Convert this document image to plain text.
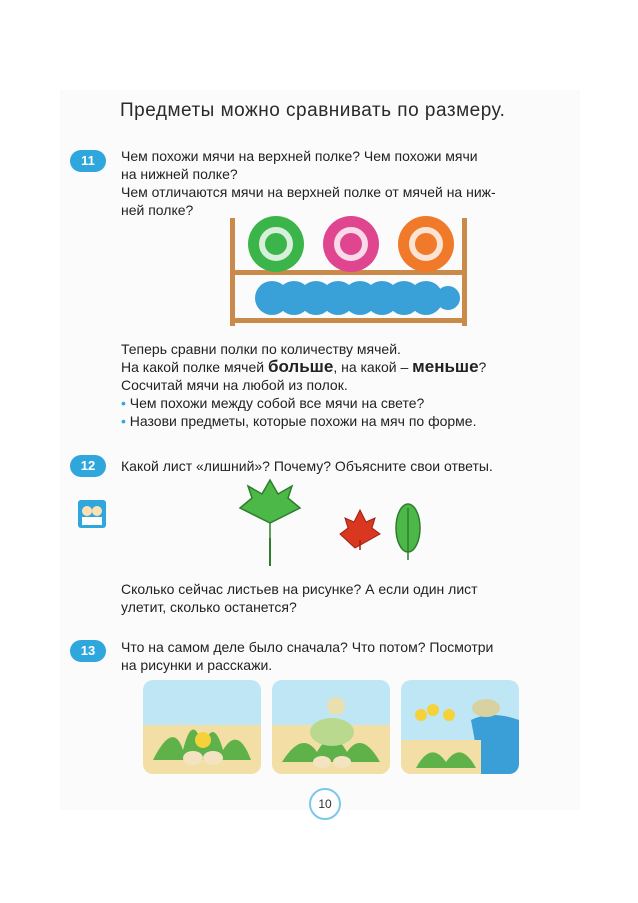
Предметы можно сравнивать по размеру.
11	Чем похожи мячи на верхней полке? Чем похожи мячи

на нижней полке?

Чем отличаются мячи на верхней полке от мячей на ниж-

ней полке?

Теперь сравни полки по количеству мячей.

На какой полке мячей больше, на какой – меньше?

Сосчитай мячи на любой из полок.

• Чем похожи между собой все мячи на свете?

• Назови предметы, которые похожи на мяч по форме.

12	Какой лист «лишний»? Почему? Объясните свои ответы.

Сколько сейчас листьев на рисунке? А если один лист

улетит, сколько останется?

13	Что на самом деле было сначала? Что потом? Посмотри

на рисунки и расскажи.

10
